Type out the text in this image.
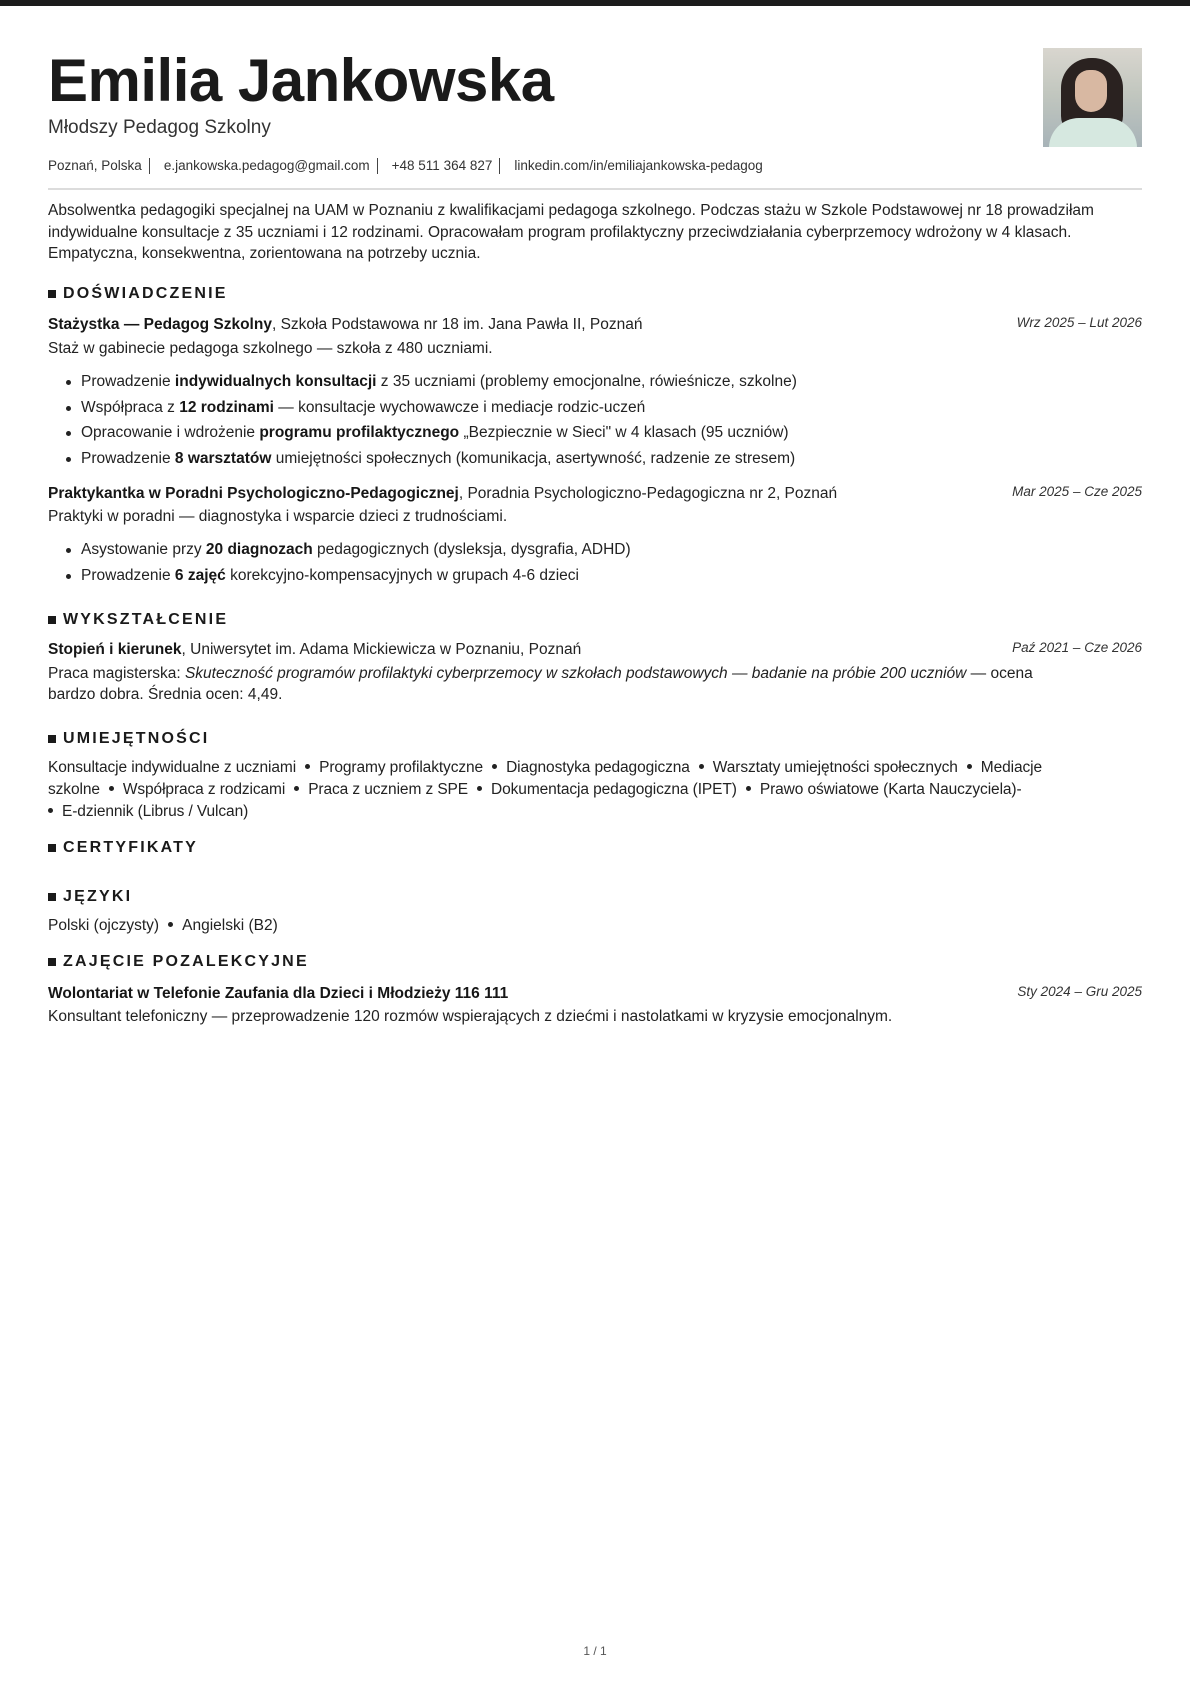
Emilia Jankowska
Młodszy Pedagog Szkolny
Poznań, Polska e.jankowska.pedagog@gmail.com +48 511 364 827 linkedin.com/in/emiliajankowska-pedagog
Absolwentka pedagogiki specjalnej na UAM w Poznaniu z kwalifikacjami pedagoga szkolnego. Podczas stażu w Szkole Podstawowej nr 18 prowadziłam indywidualne konsultacje z 35 uczniami i 12 rodzinami. Opracowałam program profilaktyczny przeciwdziałania cyberprzemocy wdrożony w 4 klasach. Empatyczna, konsekwentna, zorientowana na potrzeby ucznia.
DOŚWIADCZENIE
Stażystka — Pedagog Szkolny, Szkoła Podstawowa nr 18 im. Jana Pawła II, Poznań	Wrz 2025 – Lut 2026
Staż w gabinecie pedagoga szkolnego — szkoła z 480 uczniami.
Prowadzenie indywidualnych konsultacji z 35 uczniami (problemy emocjonalne, rówieśnicze, szkolne)
Współpraca z 12 rodzinami — konsultacje wychowawcze i mediacje rodzic-uczeń
Opracowanie i wdrożenie programu profilaktycznego „Bezpiecznie w Sieci" w 4 klasach (95 uczniów)
Prowadzenie 8 warsztatów umiejętności społecznych (komunikacja, asertywność, radzenie ze stresem)
Praktykantka w Poradni Psychologiczno-Pedagogicznej, Poradnia Psychologiczno-Pedagogiczna nr 2, Poznań	Mar 2025 – Cze 2025
Praktyki w poradni — diagnostyka i wsparcie dzieci z trudnościami.
Asystowanie przy 20 diagnozach pedagogicznych (dysleksja, dysgrafia, ADHD)
Prowadzenie 6 zajęć korekcyjno-kompensacyjnych w grupach 4-6 dzieci
WYKSZTAŁCENIE
Stopień i kierunek, Uniwersytet im. Adama Mickiewicza w Poznaniu, Poznań	Paź 2021 – Cze 2026
Praca magisterska: Skuteczność programów profilaktyki cyberprzemocy w szkołach podstawowych — badanie na próbie 200 uczniów — ocena
bardzo dobra. Średnia ocen: 4,49.
UMIEJĘTNOŚCI
Konsultacje indywidualne z uczniami Programy profilaktyczne Diagnostyka pedagogiczna Warsztaty umiejętności społecznych Mediacje
szkolne Współpraca z rodzicami Praca z uczniem z SPE Dokumentacja pedagogiczna (IPET) Prawo oświatowe (Karta Nauczyciela)-
E-dziennik (Librus / Vulcan)
CERTYFIKATY
JĘZYKI
Polski (ojczysty) Angielski (B2)
ZAJĘCIE POZALEKCYJNE
Wolontariat w Telefonie Zaufania dla Dzieci i Młodzieży 116 111	Sty 2024 – Gru 2025
Konsultant telefoniczny — przeprowadzenie 120 rozmów wspierających z dziećmi i nastolatkami w kryzysie emocjonalnym.
1 / 1
